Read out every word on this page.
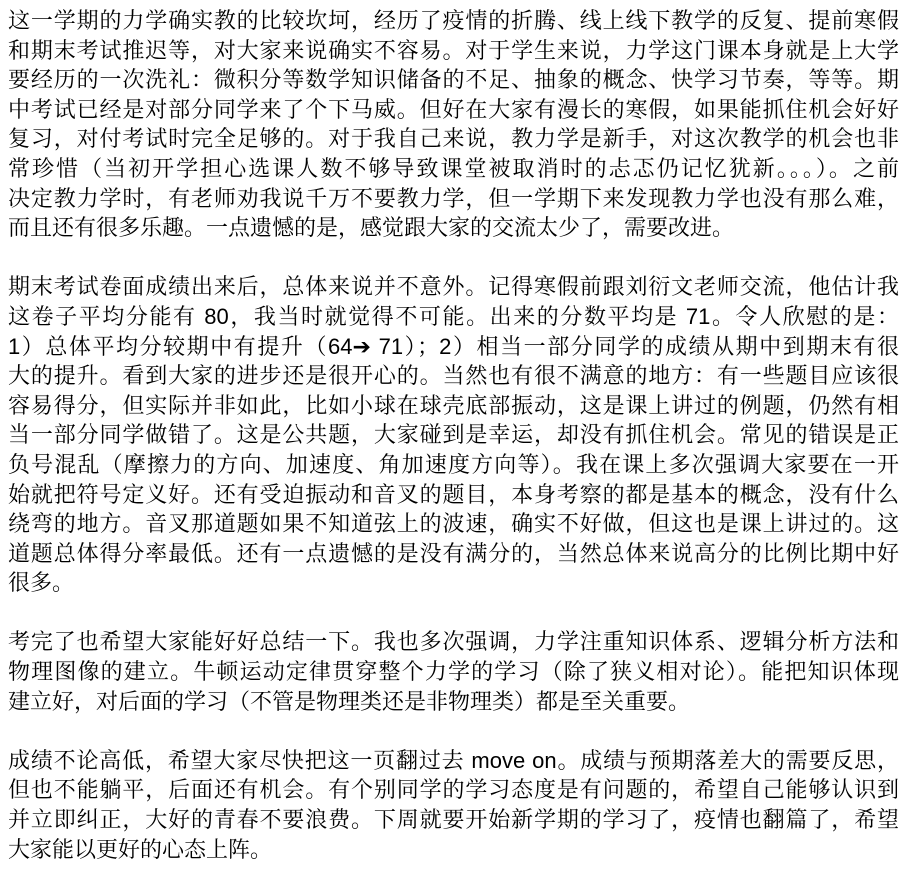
这一学期的力学确实教的比较坎坷，经历了疫情的折腾、线上线下教学的反复、提前寒假
和期末考试推迟等，对大家来说确实不容易。对于学生来说，力学这门课本身就是上大学
要经历的一次洗礼：微积分等数学知识储备的不足、抽象的概念、快学习节奏，等等。期
中考试已经是对部分同学来了个下马威。但好在大家有漫长的寒假，如果能抓住机会好好
复习，对付考试时完全足够的。对于我自己来说，教力学是新手，对这次教学的机会也非
常珍惜（当初开学担心选课人数不够导致课堂被取消时的忐忑仍记忆犹新。。。）。之前
决定教力学时，有老师劝我说千万不要教力学，但一学期下来发现教力学也没有那么难，
而且还有很多乐趣。一点遗憾的是，感觉跟大家的交流太少了，需要改进。
期末考试卷面成绩出来后，总体来说并不意外。记得寒假前跟刘衍文老师交流，他估计我
这卷子平均分能有 80，我当时就觉得不可能。出来的分数平均是 71。令人欣慰的是：
1）总体平均分较期中有提升（64➔ 71）；2）相当一部分同学的成绩从期中到期末有很
大的提升。看到大家的进步还是很开心的。当然也有很不满意的地方：有一些题目应该很
容易得分，但实际并非如此，比如小球在球壳底部振动，这是课上讲过的例题，仍然有相
当一部分同学做错了。这是公共题，大家碰到是幸运，却没有抓住机会。常见的错误是正
负号混乱（摩擦力的方向、加速度、角加速度方向等）。我在课上多次强调大家要在一开
始就把符号定义好。还有受迫振动和音叉的题目，本身考察的都是基本的概念，没有什么
绕弯的地方。音叉那道题如果不知道弦上的波速，确实不好做，但这也是课上讲过的。这
道题总体得分率最低。还有一点遗憾的是没有满分的，当然总体来说高分的比例比期中好
很多。
考完了也希望大家能好好总结一下。我也多次强调，力学注重知识体系、逻辑分析方法和
物理图像的建立。牛顿运动定律贯穿整个力学的学习（除了狭义相对论）。能把知识体现
建立好，对后面的学习（不管是物理类还是非物理类）都是至关重要。
成绩不论高低，希望大家尽快把这一页翻过去 move on。成绩与预期落差大的需要反思，
但也不能躺平，后面还有机会。有个别同学的学习态度是有问题的，希望自己能够认识到
并立即纠正，大好的青春不要浪费。下周就要开始新学期的学习了，疫情也翻篇了，希望
大家能以更好的心态上阵。
